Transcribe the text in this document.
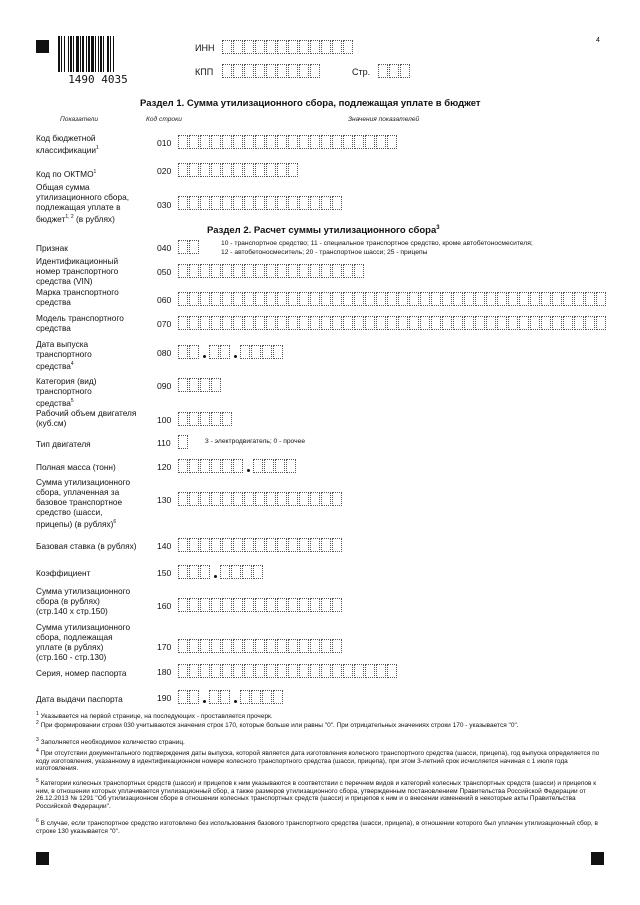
1490 4035
4
ИНН
КПП	Стр.
Раздел 1. Сумма утилизационного сбора, подлежащая уплате в бюджет
Показатели	Код строки	Значения показателей
Код бюджетной классификации$^1$	010
Код по ОКТМО$^1$	020
Общая сумма утилизационного сбора, подлежащая уплате в бюджет$^{1, 2}$ (в рублях)
030
Раздел 2. Расчет суммы утилизационного сбора$^3$
Признак	040	10 - транспортное средство; 11 - специальное транспортное средство, кроме автобетоносмесителя;
12 - автобетоносмеситель; 20 - транспортное шасси; 25 - прицепы
Идентификационный номер транспортного средства (VIN)
050
Марка транспортного средства	060
Модель транспортного средства	070
Дата выпуска транспортного средства$^4$
080
Категория (вид) транспортного средства$^5$
090
Рабочий объем двигателя (куб.см)	100
Тип двигателя	110	3 - электродвигатель; 0 - прочее
Полная масса (тонн)	120
Сумма утилизационного сбора, уплаченная за базовое транспортное средство (шасси, прицепы) (в рублях)$^6$
130
Базовая ставка (в рублях) 140
Коэффициент	150
Сумма утилизационного сбора (в рублях) (стр.140 х стр.150)	160
Сумма утилизационного сбора, подлежащая уплате (в рублях) (стр.160 - стр.130)
170
Серия, номер паспорта	180
Дата выдачи паспорта	190
$^1$ Указывается на первой странице, на последующих - проставляется прочерк.
$^2$ При формировании строки 030 учитываются значения строк 170, которые больше или равны "0". При отрицательных значениях строки 170 - указывается "0".
$^3$ Заполняется необходимое количество страниц.
$^4$ При отсутствии документального подтверждения даты выпуска, которой является дата изготовления колесного транспортного средства (шасси, прицепа), год выпуска определяется по коду изготовления, указанному в идентификационном номере колесного транспортного средства (шасси, прицепа), при этом 3-летний срок исчисляется начиная с 1 июля года изготовления.
$^5$ Категории колесных транспортных средств (шасси) и прицепов к ним указываются в соответствии с перечнем видов и категорий колесных транспортных средств (шасси) и прицепов к ним, в отношении которых уплачивается утилизационный сбор, а также размеров утилизационного сбора, утвержденным постановлением Правительства Российской Федерации от 26.12.2013 № 1291 "Об утилизационном сборе в отношении колесных транспортных средств (шасси) и прицепов к ним и о внесении изменений в некоторые акты Правительства Российской Федерации".
$^6$ В случае, если транспортное средство изготовлено без использования базового транспортного средства (шасси, прицепа), в отношении которого был уплачен утилизационный сбор, в строке 130 указывается "0".
